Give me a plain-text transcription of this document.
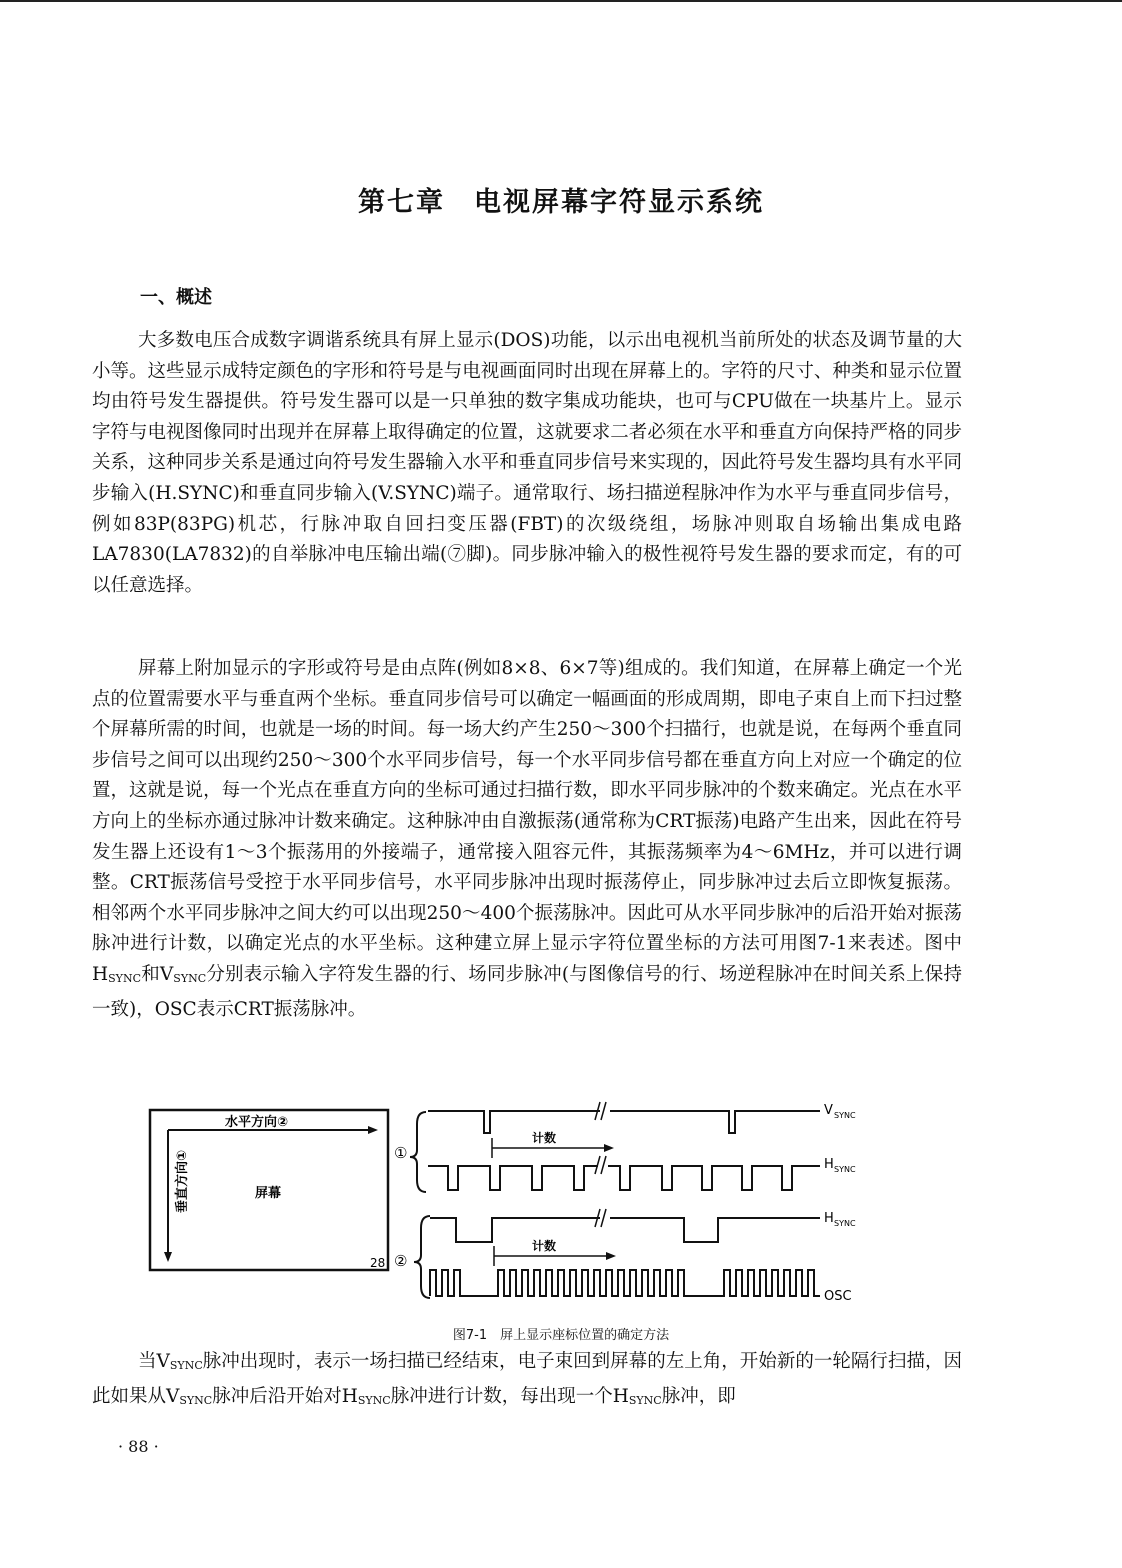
第七章　电视屏幕字符显示系统
一、概述

大多数电压合成数字调谐系统具有屏上显示(DOS)功能，以示出电视机当前所处的状态及调节量的大小等。这些显示成特定颜色的字形和符号是与电视画面同时出现在屏幕上的。字符的尺寸、种类和显示位置均由符号发生器提供。符号发生器可以是一只单独的数字集成功能块，也可与CPU做在一块基片上。显示字符与电视图像同时出现并在屏幕上取得确定的位置，这就要求二者必须在水平和垂直方向保持严格的同步关系，这种同步关系是通过向符号发生器输入水平和垂直同步信号来实现的，因此符号发生器均具有水平同步输入(H.SYNC)和垂直同步输入(V.SYNC)端子。通常取行、场扫描逆程脉冲作为水平与垂直同步信号，例如83P(83PG)机芯，行脉冲取自回扫变压器(FBT)的次级绕组，场脉冲则取自场输出集成电路LA7830(LA7832)的自举脉冲电压输出端(⑦脚)。同步脉冲输入的极性视符号发生器的要求而定，有的可以任意选择。

屏幕上附加显示的字形或符号是由点阵(例如8×8、6×7等)组成的。我们知道，在屏幕上确定一个光点的位置需要水平与垂直两个坐标。垂直同步信号可以确定一幅画面的形成周期，即电子束自上而下扫过整个屏幕所需的时间，也就是一场的时间。每一场大约产生250～300个扫描行，也就是说，在每两个垂直同步信号之间可以出现约250～300个水平同步信号，每一个水平同步信号都在垂直方向上对应一个确定的位置，这就是说，每一个光点在垂直方向的坐标可通过扫描行数，即水平同步脉冲的个数来确定。光点在水平方向上的坐标亦通过脉冲计数来确定。这种脉冲由自激振荡(通常称为CRT振荡)电路产生出来，因此在符号发生器上还设有1～3个振荡用的外接端子，通常接入阻容元件，其振荡频率为4～6MHz，并可以进行调整。CRT振荡信号受控于水平同步信号，水平同步脉冲出现时振荡停止，同步脉冲过去后立即恢复振荡。相邻两个水平同步脉冲之间大约可以出现250～400个振荡脉冲。因此可从水平同步脉冲的后沿开始对振荡脉冲进行计数，以确定光点的水平坐标。这种建立屏上显示字符位置坐标的方法可用图7-1来表述。图中HSYNC和VSYNC分别表示输入字符发生器的行、场同步脉冲(与图像信号的行、场逆程脉冲在时间关系上保持一致)，OSC表示CRT振荡脉冲。

水平方向②
垂直方向①	屏幕
28
①
②
V SYNC
计数
H SYNC
H SYNC
计数
OSC
图7-1　屏上显示座标位置的确定方法

当VSYNC脉冲出现时，表示一场扫描已经结束，电子束回到屏幕的左上角，开始新的一轮隔行扫描，因此如果从VSYNC脉冲后沿开始对HSYNC脉冲进行计数，每出现一个HSYNC脉冲，即

· 88 ·
